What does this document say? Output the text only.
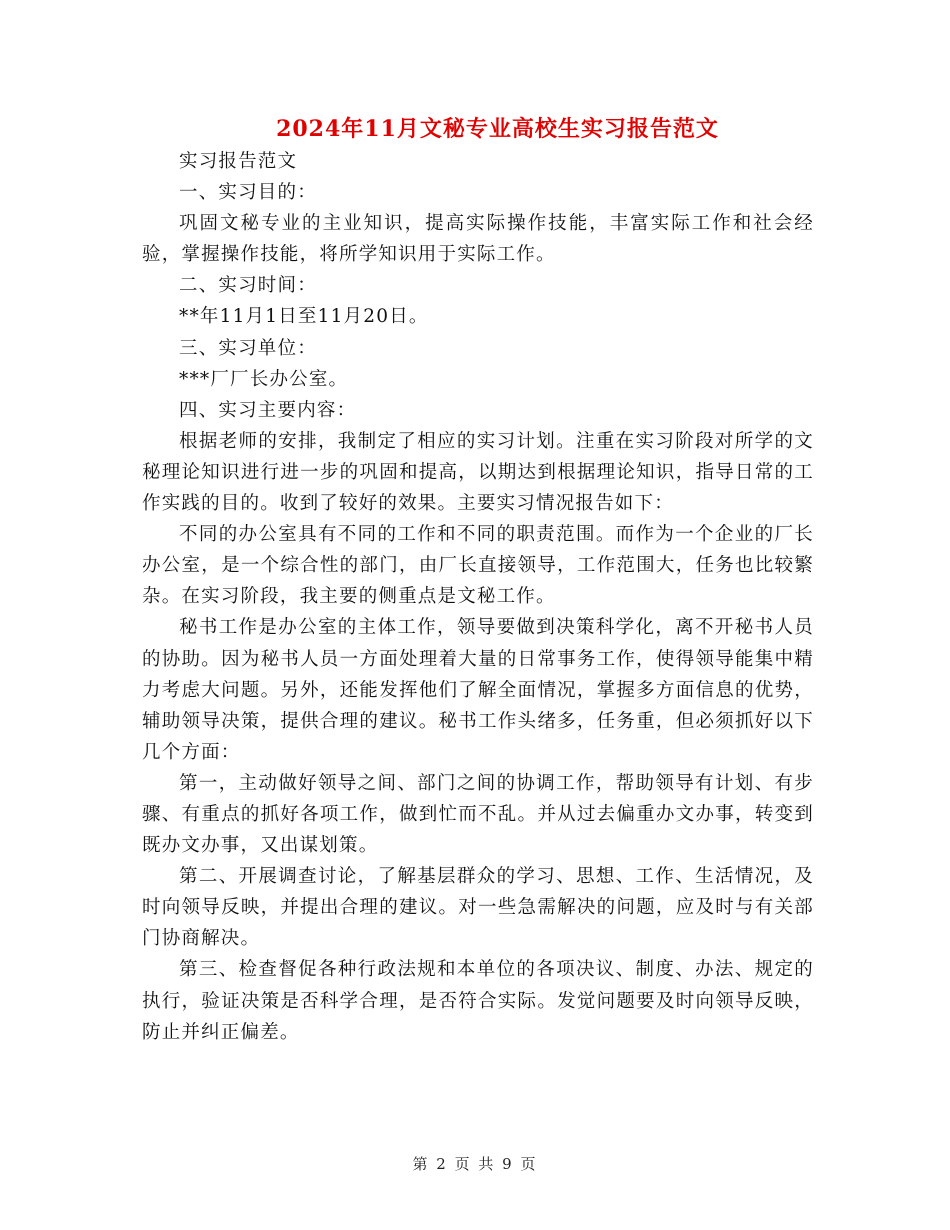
2024年11月文秘专业高校生实习报告范文

实习报告范文

一、实习目的：

巩固文秘专业的主业知识，提高实际操作技能，丰富实际工作和社会经验，掌握操作技能，将所学知识用于实际工作。

二、实习时间：

**年11月1日至11月20日。

三、实习单位：

***厂厂长办公室。

四、实习主要内容：

根据老师的安排，我制定了相应的实习计划。注重在实习阶段对所学的文秘理论知识进行进一步的巩固和提高，以期达到根据理论知识，指导日常的工作实践的目的。收到了较好的效果。主要实习情况报告如下：

不同的办公室具有不同的工作和不同的职责范围。而作为一个企业的厂长办公室，是一个综合性的部门，由厂长直接领导，工作范围大，任务也比较繁杂。在实习阶段，我主要的侧重点是文秘工作。

秘书工作是办公室的主体工作，领导要做到决策科学化，离不开秘书人员的协助。因为秘书人员一方面处理着大量的日常事务工作，使得领导能集中精力考虑大问题。另外，还能发挥他们了解全面情况，掌握多方面信息的优势，辅助领导决策，提供合理的建议。秘书工作头绪多，任务重，但必须抓好以下几个方面：

第一，主动做好领导之间、部门之间的协调工作，帮助领导有计划、有步骤、有重点的抓好各项工作，做到忙而不乱。并从过去偏重办文办事，转变到既办文办事，又出谋划策。

第二、开展调查讨论，了解基层群众的学习、思想、工作、生活情况，及时向领导反映，并提出合理的建议。对一些急需解决的问题，应及时与有关部门协商解决。

第三、检查督促各种行政法规和本单位的各项决议、制度、办法、规定的执行，验证决策是否科学合理，是否符合实际。发觉问题要及时向领导反映，防止并纠正偏差。

第 2 页 共 9 页
